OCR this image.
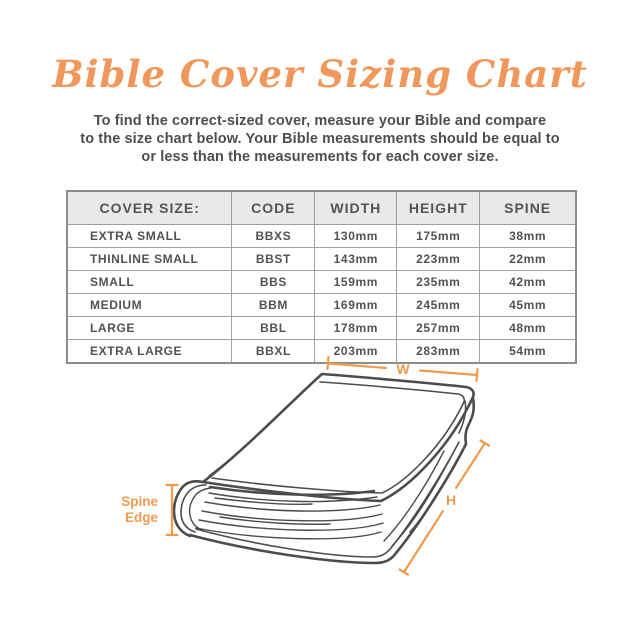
Bible Cover Sizing Chart
To find the correct-sized cover, measure your Bible and compare
to the size chart below. Your Bible measurements should be equal to
or less than the measurements for each cover size.
COVER SIZE:	CODE	WIDTH	HEIGHT	SPINE
EXTRA SMALL	BBXS	130mm	175mm	38mm
THINLINE SMALL	BBST	143mm	223mm	22mm
SMALL	BBS	159mm	235mm	42mm
MEDIUM	BBM	169mm	245mm	45mm
LARGE	BBL	178mm	257mm	48mm
EXTRA LARGE	BBXL	203mm	283mm	54mm
W
H
Spine
Edge
